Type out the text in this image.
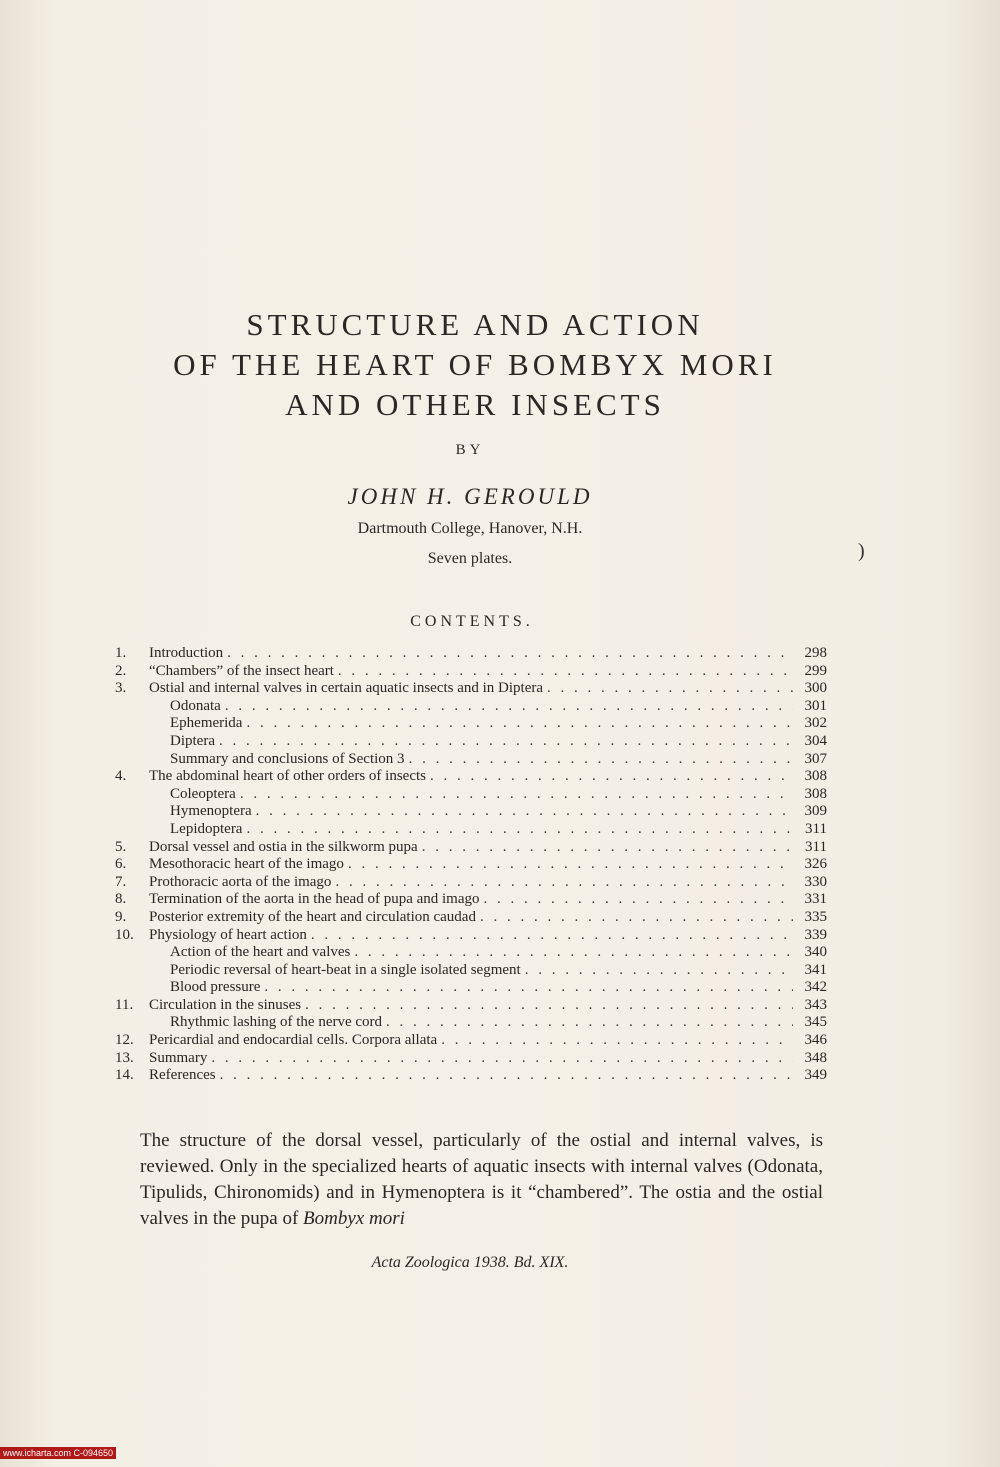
STRUCTURE AND ACTION
OF THE HEART OF BOMBYX MORI
AND OTHER INSECTS
BY
JOHN H. GEROULD
Dartmouth College, Hanover, N.H.
Seven plates.	)
CONTENTS.
1.	Introduction . . .	298
2.	“Chambers” of the insect heart . . .	299
3.	Ostial and internal valves in certain aquatic insects and in Diptera . . .	300
Odonata . . .	301
Ephemerida . . .	302
Diptera . . .	304
Summary and conclusions of Section 3 . . .	307
4.	The abdominal heart of other orders of insects . . .	308
Coleoptera . . .	308
Hymenoptera . . .	309
Lepidoptera . . .	311
5.	Dorsal vessel and ostia in the silkworm pupa . . .	311
6.	Mesothoracic heart of the imago . . .	326
7.	Prothoracic aorta of the imago . . .	330
8.	Termination of the aorta in the head of pupa and imago . . .	331
9.	Posterior extremity of the heart and circulation caudad . . .	335
10.	Physiology of heart action . . .	339
Action of the heart and valves . . .	340
Periodic reversal of heart-beat in a single isolated segment . . .	341
Blood pressure . . .	342
11.	Circulation in the sinuses . . .	343
Rhythmic lashing of the nerve cord . . .	345
12.	Pericardial and endocardial cells. Corpora allata . . .	346
13.	Summary . . .	348
14.	References . . .	349

The structure of the dorsal vessel, particularly of the ostial and internal valves, is reviewed. Only in the specialized hearts of aquatic insects with internal valves (Odonata, Tipulids, Chironomids) and in Hymenoptera is it “chambered”. The ostia and the ostial valves in the pupa of Bombyx mori

Acta Zoologica 1938. Bd. XIX.
www.icharta.com C-094650
